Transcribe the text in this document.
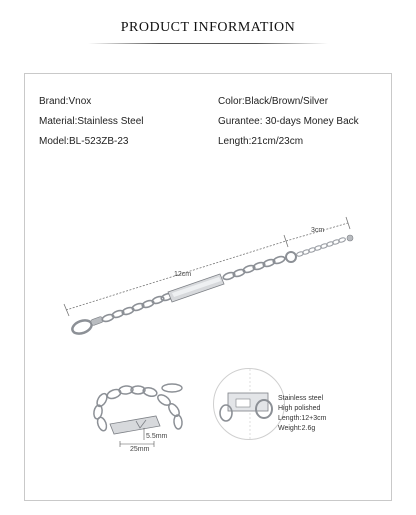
PRODUCT INFORMATION
Brand:Vnox
Material:Stainless Steel
Model:BL-523ZB-23
Color:Black/Brown/Silver
Gurantee: 30-days Money Back
Length:21cm/23cm
12cm
3cm
5.5mm
25mm
Stainless steel
High polished
Length:12+3cm
Weight:2.6g
